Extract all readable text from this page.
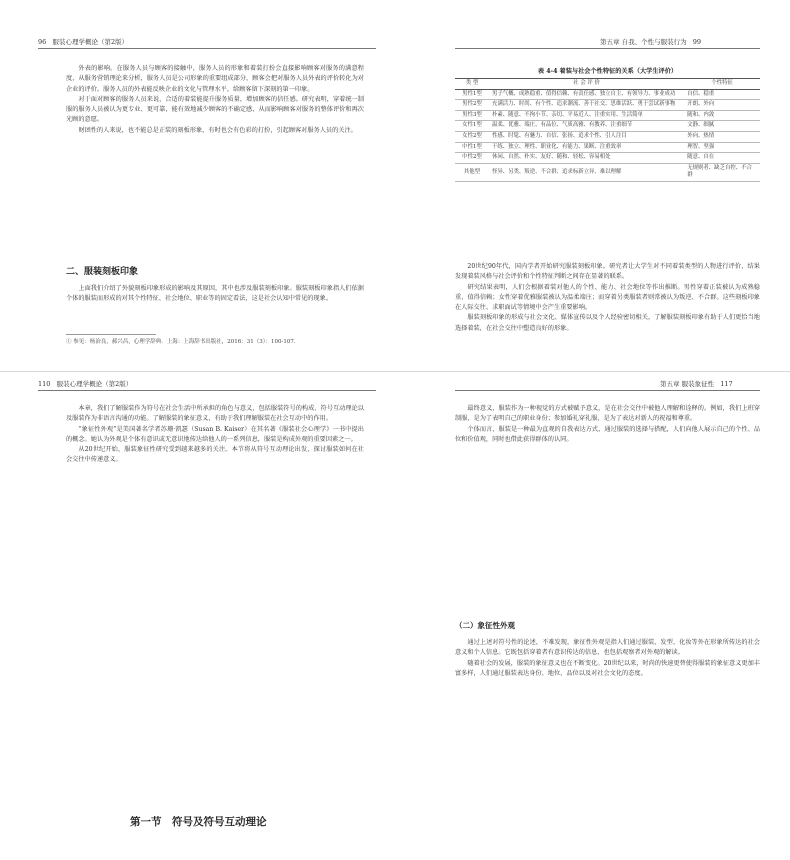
96 服装心理学概论（第2版）	第五章 自我、个性与服装行为 99

外表的影响。在服务人员与顾客的接触中，服务人员的形象和着装打扮会直接影响顾客对服务的满意程度，从服务营销理论来分析，服务人员是公司形象的重要组成部分，顾客会把对服务人员外表的评价转化为对企业的评价。服务人员的外表能反映企业的文化与管理水平，给顾客留下深刻的第一印象。

对于面对顾客的服务人员来说，合适的着装能提升服务质量，增加顾客的信任感。研究表明，穿着统一制服的服务人员被认为更专业、更可靠，能有效地减少顾客的不确定感，从而影响顾客对服务的整体评价和再次光顾的意愿。

财团性的人来说，也不能总是正装的刻板形象，有时也会有色彩的打扮，引起顾客对服务人员的关注。

二、服装刻板印象

上面我们介绍了外貌刻板印象形成的影响及其原因，其中也涉及服装刻板印象。服装刻板印象指人们依据个体的服装而形成的对其个性特征、社会地位、职业等的固定看法，这是社会认知中常见的现象。

① 参见：杨治良，郝兴昌，心理学辞典．上海：上海辞书出版社，2016：31（3）：100-107．
表 4-4 着装与社会个性特征的关系（大学生评价）
类 型	社 会 评 价	个性特征
男性1型	男子气概、成熟稳重、值得信赖、有责任感、独立自主、有领导力、事业成功	自信、稳重
男性2型	充满活力、时尚、有个性、追求潮流、善于社交、思维活跃、勇于尝试新事物	开朗、外向
男性3型	朴素、随意、不拘小节、亲切、平易近人、注重实用、生活简单	随和、内敛
女性1型	温柔、优雅、端庄、有品位、气质高雅、有教养、注重细节	文静、细腻
女性2型	性感、时髦、有魅力、自信、张扬、追求个性、引人注目	外向、热情
中性1型	干练、独立、理性、职业化、有能力、果断、注重效率	理智、坚强
中性2型	休闲、自然、朴实、友好、随和、轻松、容易相处	随意、自在
其他型	怪异、另类、叛逆、不合群、追求标新立异、难以理解	无规则者、缺乏自控、不合群

20世纪90年代，国内学者开始研究服装刻板印象。研究者让大学生对不同着装类型的人物进行评价，结果发现着装风格与社会评价和个性特征判断之间存在显著的联系。

研究结果表明，人们会根据着装对他人的个性、能力、社会地位等作出推断。男性穿着正装被认为成熟稳重、值得信赖；女性穿着优雅服装被认为温柔端庄；而穿着另类服装者则常被认为叛逆、不合群。这些刻板印象在人际交往、求职面试等情境中会产生重要影响。

服装刻板印象的形成与社会文化、媒体宣传以及个人经验密切相关，了解服装刻板印象有助于人们更恰当地选择着装，在社会交往中塑造良好的形象。

110 服装心理学概论（第2版）	第五章 服装象征性 117

本章，我们了解服装作为符号在社会生活中所承担的角色与意义，包括服装符号的构成、符号互动理论以及服装作为非语言沟通的功能。了解服装的象征意义，有助于我们理解服装在社会互动中的作用。

“象征性外观”是美国著名学者苏珊·凯瑟（Susan B. Kaiser）在其名著《服装社会心理学》一书中提出的概念。她认为外观是个体有意识或无意识地传达给他人的一系列信息，服装是构成外观的重要因素之一。

从20世纪开始，服装象征性研究受到越来越多的关注。本节将从符号互动理论出发，探讨服装如何在社会交往中传递意义。

第一节　符号及符号互动理论

最终意义，服装作为一种视觉的方式被赋予意义，是在社会交往中被他人理解和诠释的。例如，我们上班穿制服，是为了表明自己的职业身份；参加婚礼穿礼服，是为了表达对新人的祝福和尊重。

个体而言，服装是一种最为直观的自我表达方式，通过服装的选择与搭配，人们向他人展示自己的个性、品位和价值观，同时也借此获得群体的认同。

（二）象征性外观

通过上述对符号性的论述，不难发现，象征性外观是指人们通过服装、发型、化妆等外在形象所传达的社会意义和个人信息。它既包括穿着者有意识传达的信息，也包括观察者对外观的解读。

随着社会的发展，服装的象征意义也在不断变化。20世纪以来，时尚的快速更替使得服装的象征意义更加丰富多样，人们通过服装表达身份、地位、品位以及对社会文化的态度。
